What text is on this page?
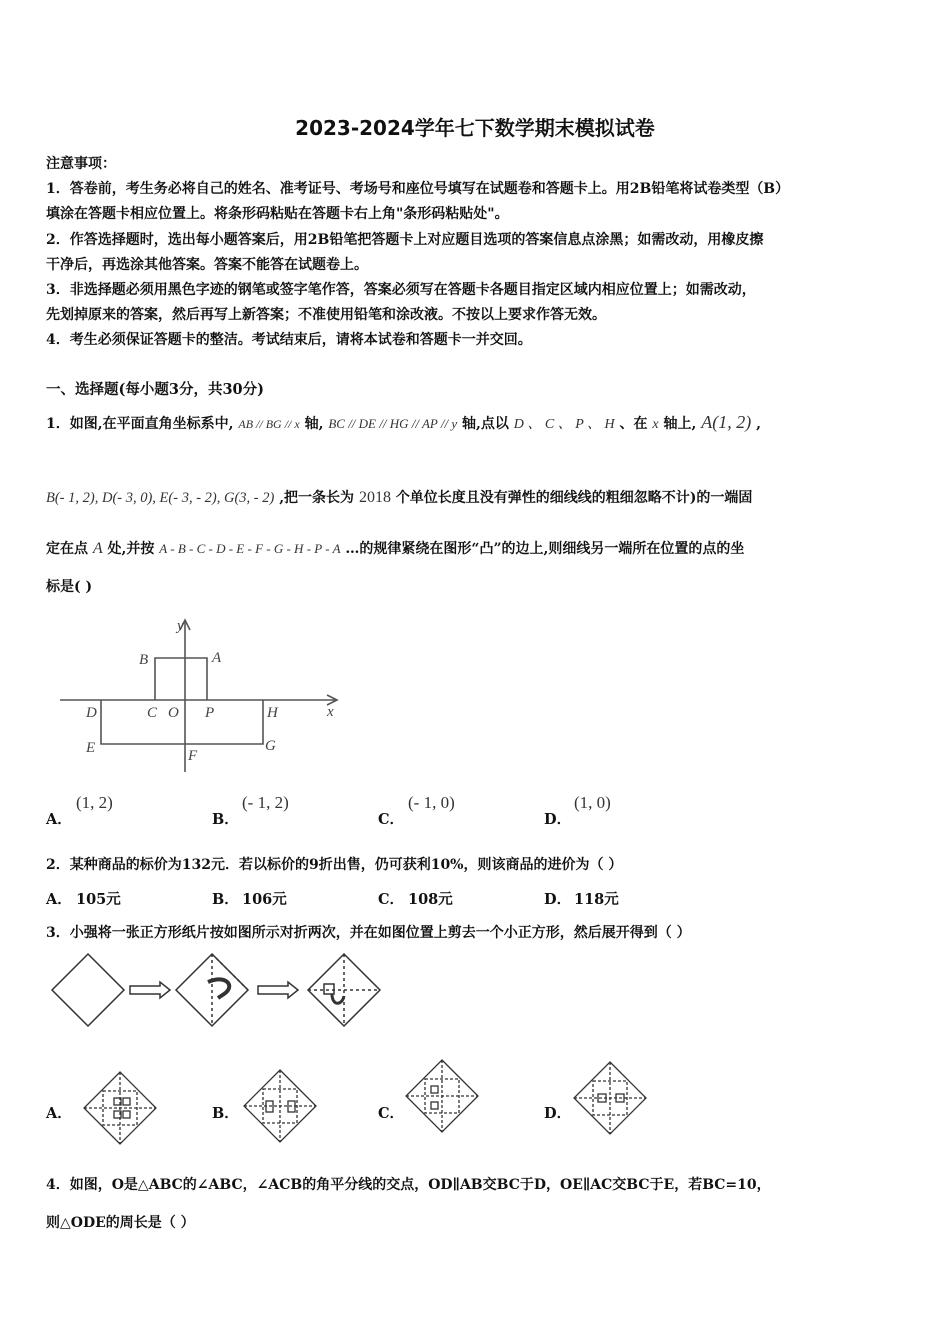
2023-2024学年七下数学期末模拟试卷
注意事项：
1．答卷前，考生务必将自己的姓名、准考证号、考场号和座位号填写在试题卷和答题卡上。用2B铅笔将试卷类型（B）
填涂在答题卡相应位置上。将条形码粘贴在答题卡右上角"条形码粘贴处"。
2．作答选择题时，选出每小题答案后，用2B铅笔把答题卡上对应题目选项的答案信息点涂黑；如需改动，用橡皮擦
干净后，再选涂其他答案。答案不能答在试题卷上。
3．非选择题必须用黑色字迹的钢笔或签字笔作答，答案必须写在答题卡各题目指定区域内相应位置上；如需改动，
先划掉原来的答案，然后再写上新答案；不准使用铅笔和涂改液。不按以上要求作答无效。
4．考生必须保证答题卡的整洁。考试结束后，请将本试卷和答题卡一并交回。
一、选择题(每小题3分，共30分)
1．如图,在平面直角坐标系中, AB // BG // x 轴, BC // DE // HG // AP // y 轴,点以 D 、 C 、 P 、 H 、在 x 轴上, A(1, 2) ,
B(- 1, 2), D(- 3, 0), E(- 3, - 2), G(3, - 2) ,把一条长为 2018 个单位长度且没有弹性的细线线的粗细忽略不计)的一端固
定在点 A 处,并按 A - B - C - D - E - F - G - H - P - A …的规律紧绕在图形“凸”的边上,则细线另一端所在位置的点的坐
标是( )
y
x
A
B
C O P
D	H
E	F
G
A．
(1, 2)
B．
(- 1, 2)
C．
(- 1, 0)
D．
(1, 0)
2．某种商品的标价为132元．若以标价的9折出售，仍可获利10%，则该商品的进价为（ ）
A． 105元	B． 106元	C． 108元	D． 118元
3．小强将一张正方形纸片按如图所示对折两次，并在如图位置上剪去一个小正方形，然后展开得到（ ）
A．	B．	C．	D．
4．如图，O是△ABC的∠ABC，∠ACB的角平分线的交点，OD∥AB交BC于D，OE∥AC交BC于E，若BC=10，
则△ODE的周长是（ ）
